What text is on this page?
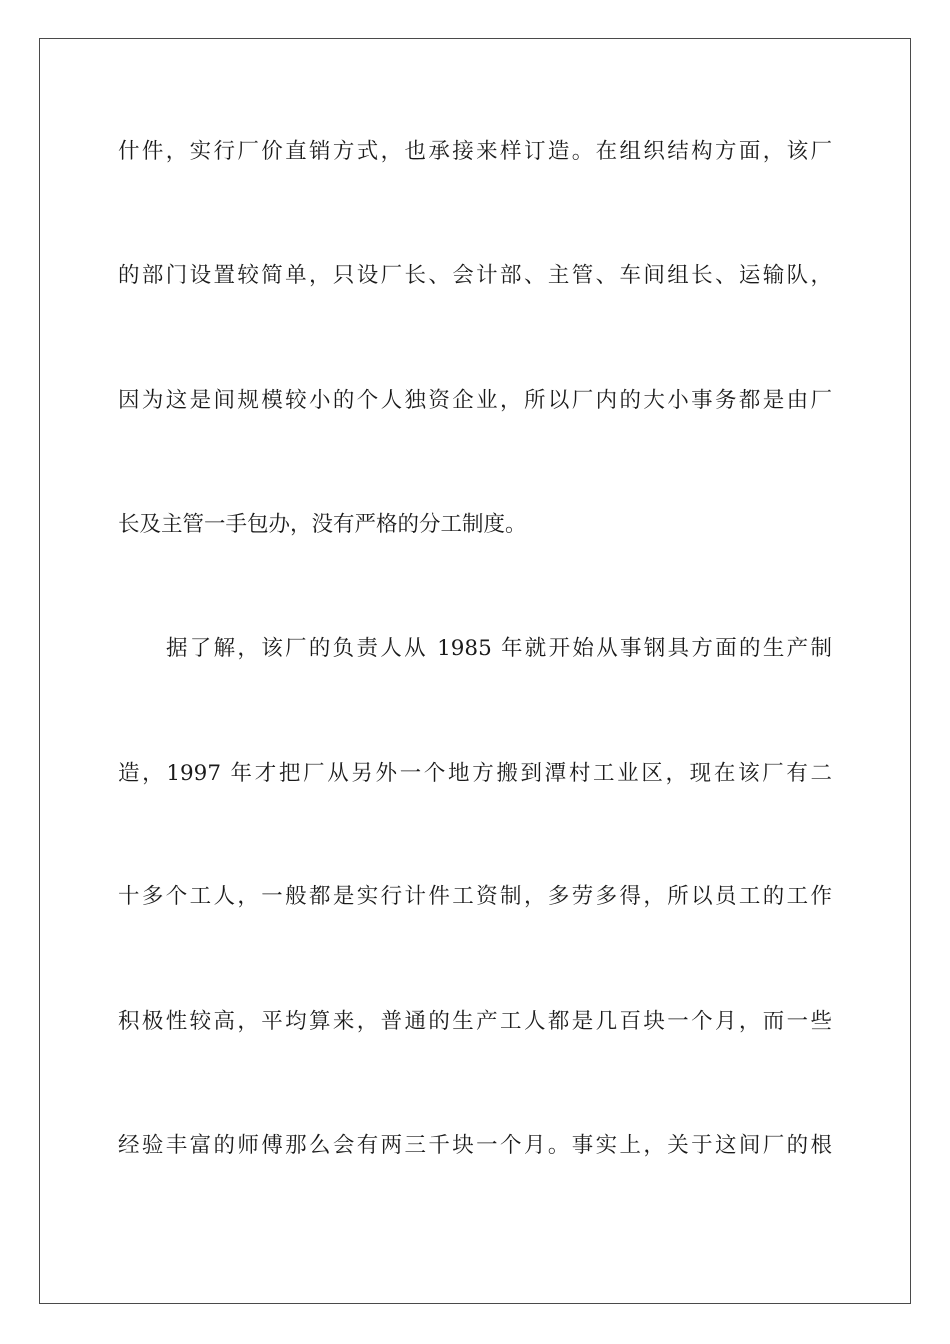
什件，实行厂价直销方式，也承接来样订造。在组织结构方面，该厂
的部门设置较简单，只设厂长、会计部、主管、车间组长、运输队，
因为这是间规模较小的个人独资企业，所以厂内的大小事务都是由厂
长及主管一手包办，没有严格的分工制度。
据了解，该厂的负责人从 1985 年就开始从事钢具方面的生产制
造，1997 年才把厂从另外一个地方搬到潭村工业区，现在该厂有二
十多个工人，一般都是实行计件工资制，多劳多得，所以员工的工作
积极性较高，平均算来，普通的生产工人都是几百块一个月，而一些
经验丰富的师傅那么会有两三千块一个月。事实上，关于这间厂的根
